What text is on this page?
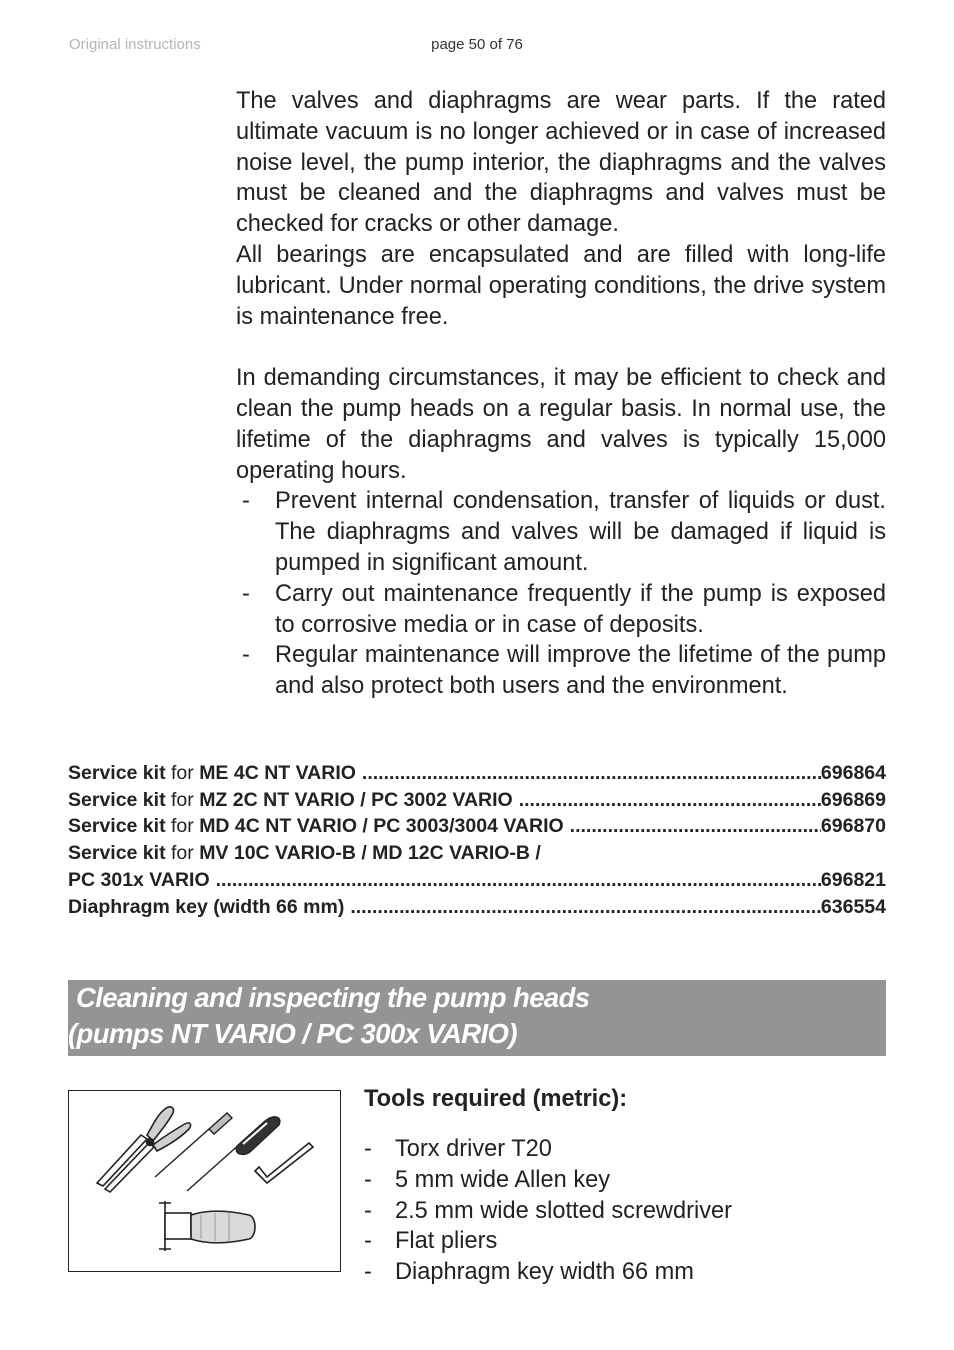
Original instructions	page 50 of 76

The valves and diaphragms are wear parts. If the rated ultimate vacuum is no longer achieved or in case of increased noise level, the pump interior, the diaphragms and the valves must be cleaned and the diaphragms and valves must be checked for cracks or other damage.

All bearings are encapsulated and are filled with long-life lubricant. Under normal operating conditions, the drive system is maintenance free.

In demanding circumstances, it may be efficient to check and clean the pump heads on a regular basis. In normal use, the lifetime of the diaphragms and valves is typically 15,000 operating hours.

- Prevent internal condensation, transfer of liquids or dust. The diaphragms and valves will be damaged if liquid is pumped in significant amount.
- Carry out maintenance frequently if the pump is exposed to corrosive media or in case of deposits.
- Regular maintenance will improve the lifetime of the pump and also protect both users and the environment.
Service kit for ME 4C NT VARIO .....	696864
Service kit for MZ 2C NT VARIO / PC 3002 VARIO .....	696869
Service kit for MD 4C NT VARIO / PC 3003/3004 VARIO .....	696870
Service kit for MV 10C VARIO-B / MD 12C VARIO-B /
PC 301x VARIO .....	696821
Diaphragm key (width 66 mm) .....	636554
Cleaning and inspecting the pump heads
(pumps NT VARIO / PC 300x VARIO)
Tools required (metric):
- Torx driver T20
- 5 mm wide Allen key
- 2.5 mm wide slotted screwdriver
- Flat pliers
- Diaphragm key width 66 mm
